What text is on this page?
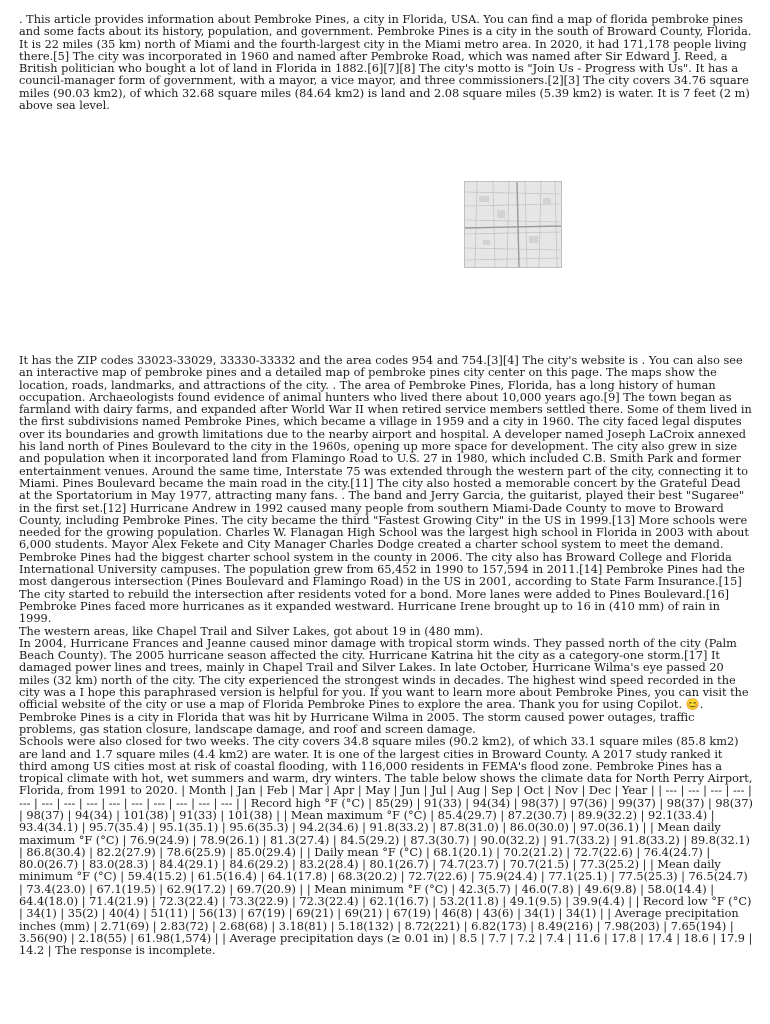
. This article provides information about Pembroke Pines, a city in Florida, USA. You can find a map of florida pembroke pines and some facts about its history, population, and government. Pembroke Pines is a city in the south of Broward County, Florida. It is 22 miles (35 km) north of Miami and the fourth-largest city in the Miami metro area. In 2020, it had 171,178 people living there.[5] The city was incorporated in 1960 and named after Pembroke Road, which was named after Sir Edward J. Reed, a British politician who bought a lot of land in Florida in 1882.[6][7][8] The city's motto is "Join Us - Progress with Us". It has a council-manager form of government, with a mayor, a vice mayor, and three commissioners.[2][3] The city covers 34.76 square miles (90.03 km2), of which 32.68 square miles (84.64 km2) is land and 2.08 square miles (5.39 km2) is water. It is 7 feet (2 m) above sea level.

It has the ZIP codes 33023-33029, 33330-33332 and the area codes 954 and 754.[3][4] The city's website is . You can also see an interactive map of pembroke pines and a detailed map of pembroke pines city center on this page. The maps show the location, roads, landmarks, and attractions of the city. . The area of Pembroke Pines, Florida, has a long history of human occupation. Archaeologists found evidence of animal hunters who lived there about 10,000 years ago.[9] The town began as farmland with dairy farms, and expanded after World War II when retired service members settled there. Some of them lived in the first subdivisions named Pembroke Pines, which became a village in 1959 and a city in 1960. The city faced legal disputes over its boundaries and growth limitations due to the nearby airport and hospital. A developer named Joseph LaCroix annexed his land north of Pines Boulevard to the city in the 1960s, opening up more space for development. The city also grew in size and population when it incorporated land from Flamingo Road to U.S. 27 in 1980, which included C.B. Smith Park and former entertainment venues. Around the same time, Interstate 75 was extended through the western part of the city, connecting it to Miami. Pines Boulevard became the main road in the city.[11] The city also hosted a memorable concert by the Grateful Dead at the Sportatorium in May 1977, attracting many fans. . The band and Jerry Garcia, the guitarist, played their best "Sugaree" in the first set.[12] Hurricane Andrew in 1992 caused many people from southern Miami-Dade County to move to Broward County, including Pembroke Pines. The city became the third "Fastest Growing City" in the US in 1999.[13] More schools were needed for the growing population. Charles W. Flanagan High School was the largest high school in Florida in 2003 with about 6,000 students. Mayor Alex Fekete and City Manager Charles Dodge created a charter school system to meet the demand. Pembroke Pines had the biggest charter school system in the county in 2006. The city also has Broward College and Florida International University campuses. The population grew from 65,452 in 1990 to 157,594 in 2011.[14] Pembroke Pines had the most dangerous intersection (Pines Boulevard and Flamingo Road) in the US in 2001, according to State Farm Insurance.[15] The city started to rebuild the intersection after residents voted for a bond. More lanes were added to Pines Boulevard.[16] Pembroke Pines faced more hurricanes as it expanded westward. Hurricane Irene brought up to 16 in (410 mm) of rain in 1999.

The western areas, like Chapel Trail and Silver Lakes, got about 19 in (480 mm).

In 2004, Hurricane Frances and Jeanne caused minor damage with tropical storm winds. They passed north of the city (Palm Beach County). The 2005 hurricane season affected the city. Hurricane Katrina hit the city as a category-one storm.[17] It damaged power lines and trees, mainly in Chapel Trail and Silver Lakes. In late October, Hurricane Wilma's eye passed 20 miles (32 km) north of the city. The city experienced the strongest winds in decades. The highest wind speed recorded in the city was a I hope this paraphrased version is helpful for you. If you want to learn more about Pembroke Pines, you can visit the official website of the city or use a map of Florida Pembroke Pines to explore the area. Thank you for using Copilot. 😊.

Pembroke Pines is a city in Florida that was hit by Hurricane Wilma in 2005. The storm caused power outages, traffic problems, gas station closure, landscape damage, and roof and screen damage.

Schools were also closed for two weeks. The city covers 34.8 square miles (90.2 km2), of which 33.1 square miles (85.8 km2) are land and 1.7 square miles (4.4 km2) are water. It is one of the largest cities in Broward County. A 2017 study ranked it third among US cities most at risk of coastal flooding, with 116,000 residents in FEMA's flood zone. Pembroke Pines has a tropical climate with hot, wet summers and warm, dry winters. The table below shows the climate data for North Perry Airport, Florida, from 1991 to 2020. | Month | Jan | Feb | Mar | Apr | May | Jun | Jul | Aug | Sep | Oct | Nov | Dec | Year | | --- | --- | --- | --- | --- | --- | --- | --- | --- | --- | --- | --- | --- | --- | | Record high °F (°C) | 85(29) | 91(33) | 94(34) | 98(37) | 97(36) | 99(37) | 98(37) | 98(37) | 98(37) | 94(34) | 101(38) | 91(33) | 101(38) | | Mean maximum °F (°C) | 85.4(29.7) | 87.2(30.7) | 89.9(32.2) | 92.1(33.4) | 93.4(34.1) | 95.7(35.4) | 95.1(35.1) | 95.6(35.3) | 94.2(34.6) | 91.8(33.2) | 87.8(31.0) | 86.0(30.0) | 97.0(36.1) | | Mean daily maximum °F (°C) | 76.9(24.9) | 78.9(26.1) | 81.3(27.4) | 84.5(29.2) | 87.3(30.7) | 90.0(32.2) | 91.7(33.2) | 91.8(33.2) | 89.8(32.1) | 86.8(30.4) | 82.2(27.9) | 78.6(25.9) | 85.0(29.4) | | Daily mean °F (°C) | 68.1(20.1) | 70.2(21.2) | 72.7(22.6) | 76.4(24.7) | 80.0(26.7) | 83.0(28.3) | 84.4(29.1) | 84.6(29.2) | 83.2(28.4) | 80.1(26.7) | 74.7(23.7) | 70.7(21.5) | 77.3(25.2) | | Mean daily minimum °F (°C) | 59.4(15.2) | 61.5(16.4) | 64.1(17.8) | 68.3(20.2) | 72.7(22.6) | 75.9(24.4) | 77.1(25.1) | 77.5(25.3) | 76.5(24.7) | 73.4(23.0) | 67.1(19.5) | 62.9(17.2) | 69.7(20.9) | | Mean minimum °F (°C) | 42.3(5.7) | 46.0(7.8) | 49.6(9.8) | 58.0(14.4) | 64.4(18.0) | 71.4(21.9) | 72.3(22.4) | 73.3(22.9) | 72.3(22.4) | 62.1(16.7) | 53.2(11.8) | 49.1(9.5) | 39.9(4.4) | | Record low °F (°C) | 34(1) | 35(2) | 40(4) | 51(11) | 56(13) | 67(19) | 69(21) | 69(21) | 67(19) | 46(8) | 43(6) | 34(1) | 34(1) | | Average precipitation inches (mm) | 2.71(69) | 2.83(72) | 2.68(68) | 3.18(81) | 5.18(132) | 8.72(221) | 6.82(173) | 8.49(216) | 7.98(203) | 7.65(194) | 3.56(90) | 2.18(55) | 61.98(1,574) | | Average precipitation days (≥ 0.01 in) | 8.5 | 7.7 | 7.2 | 7.4 | 11.6 | 17.8 | 17.4 | 18.6 | 17.9 | 14.2 | The response is incomplete.
